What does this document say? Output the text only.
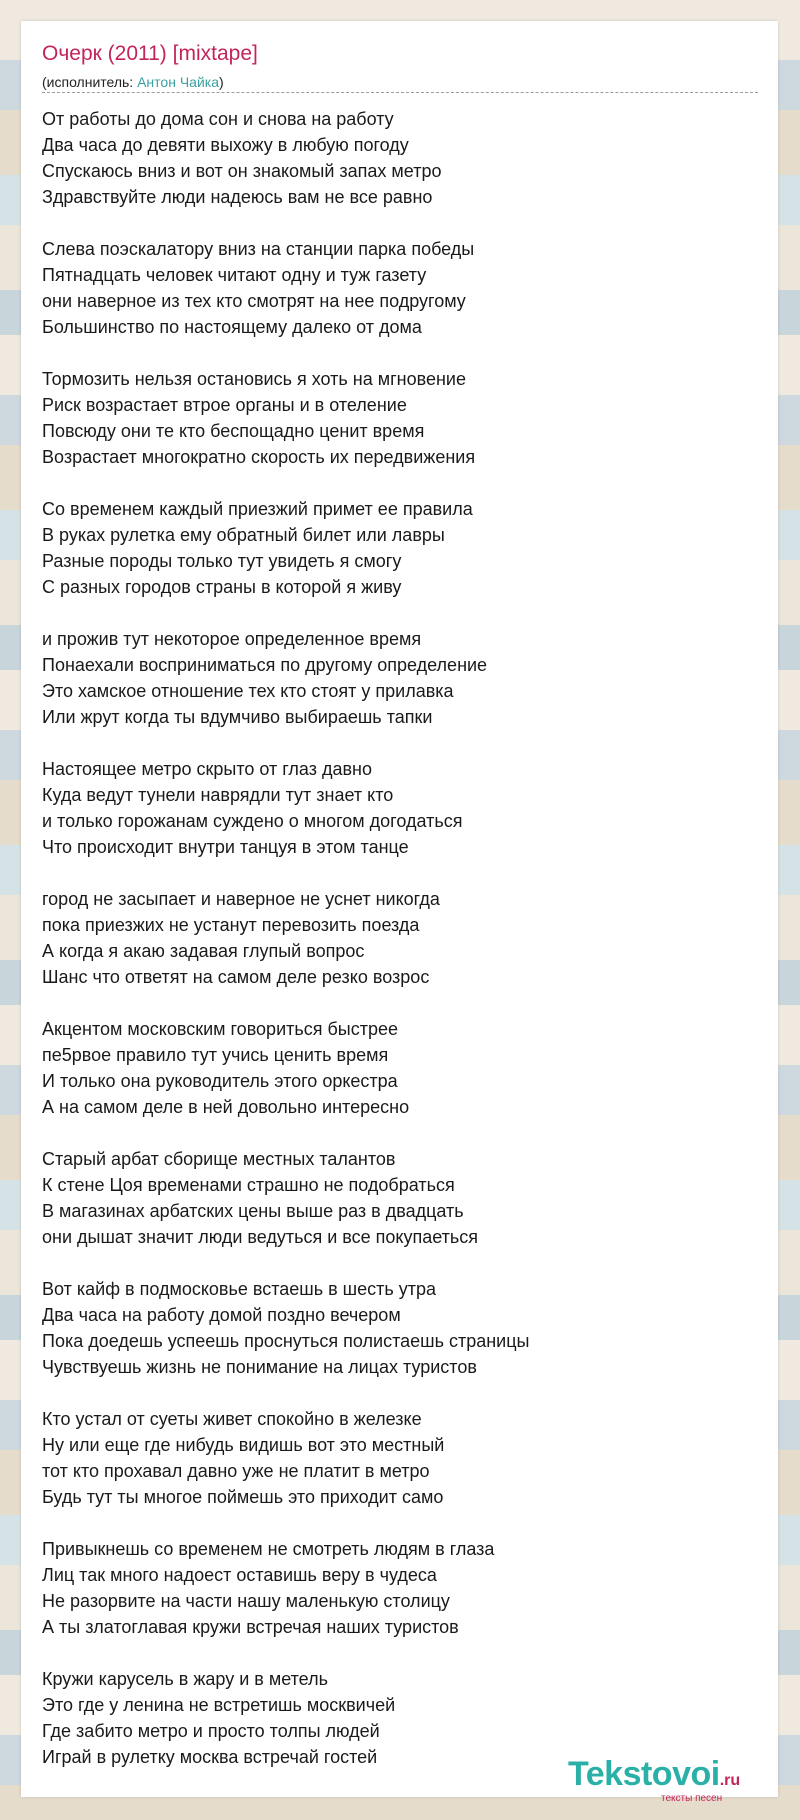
Очерк (2011) [mixtape]
(исполнитель: Антон Чайка)
От работы до дома сон и снова на работу
Два часа до девяти выхожу в любую погоду
Спускаюсь вниз и вот он знакомый запах метро
Здравствуйте люди надеюсь вам не все равно
Слева поэскалатору вниз на станции парка победы
Пятнадцать человек читают одну и туж газету
они наверное из тех кто смотрят на нее подругому
Большинство по настоящему далеко от дома
Тормозить нельзя остановись я хоть на мгновение
Риск возрастает втрое органы и в отеление
Повсюду они те кто беспощадно ценит время
Возрастает многократно скорость их передвижения
Со временем каждый приезжий примет ее правила
В руках рулетка ему обратный билет или лавры
Разные породы только тут увидеть я смогу
С разных городов страны в которой я живу
и прожив тут некоторое определенное время
Понаехали восприниматься по другому определение
Это хамское отношение тех кто стоят у прилавка
Или жрут когда ты вдумчиво выбираешь тапки
Настоящее метро скрыто от глаз давно
Куда ведут тунели наврядли тут знает кто
и только горожанам суждено о многом догодаться
Что происходит внутри танцуя в этом танце
город не засыпает и наверное не уснет никогда
пока приезжих не устанут перевозить поезда
А когда я акаю задавая глупый вопрос
Шанс что ответят на самом деле резко возрос
Акцентом московским говориться быстрее
пе5рвое правило тут учись ценить время
И только она руководитель этого оркестра
А на самом деле в ней довольно интересно
Старый арбат сборище местных талантов
К стене Цоя временами страшно не подобраться
В магазинах арбатских цены выше раз в двадцать
они дышат значит люди ведуться и все покупаеться
Вот кайф в подмосковье встаешь в шесть утра
Два часа на работу домой поздно вечером
Пока доедешь успеешь проснуться полистаешь страницы
Чувствуешь жизнь не понимание на лицах туристов
Кто устал от суеты живет спокойно в железке
Ну или еще где нибудь видишь вот это местный
тот кто прохавал давно уже не платит в метро
Будь тут ты многое поймешь это приходит само
Привыкнешь со временем не смотреть людям в глаза
Лиц так много надоест оставишь веру в чудеса
Не разорвите на части нашу маленькую столицу
А ты златоглавая кружи встречая наших туристов
Кружи карусель в жару и в метель
Это где у ленина не встретишь москвичей
Где забито метро и просто толпы людей
Играй в рулетку москва встречай гостей	Tekstovoi.ru
тексты песен
